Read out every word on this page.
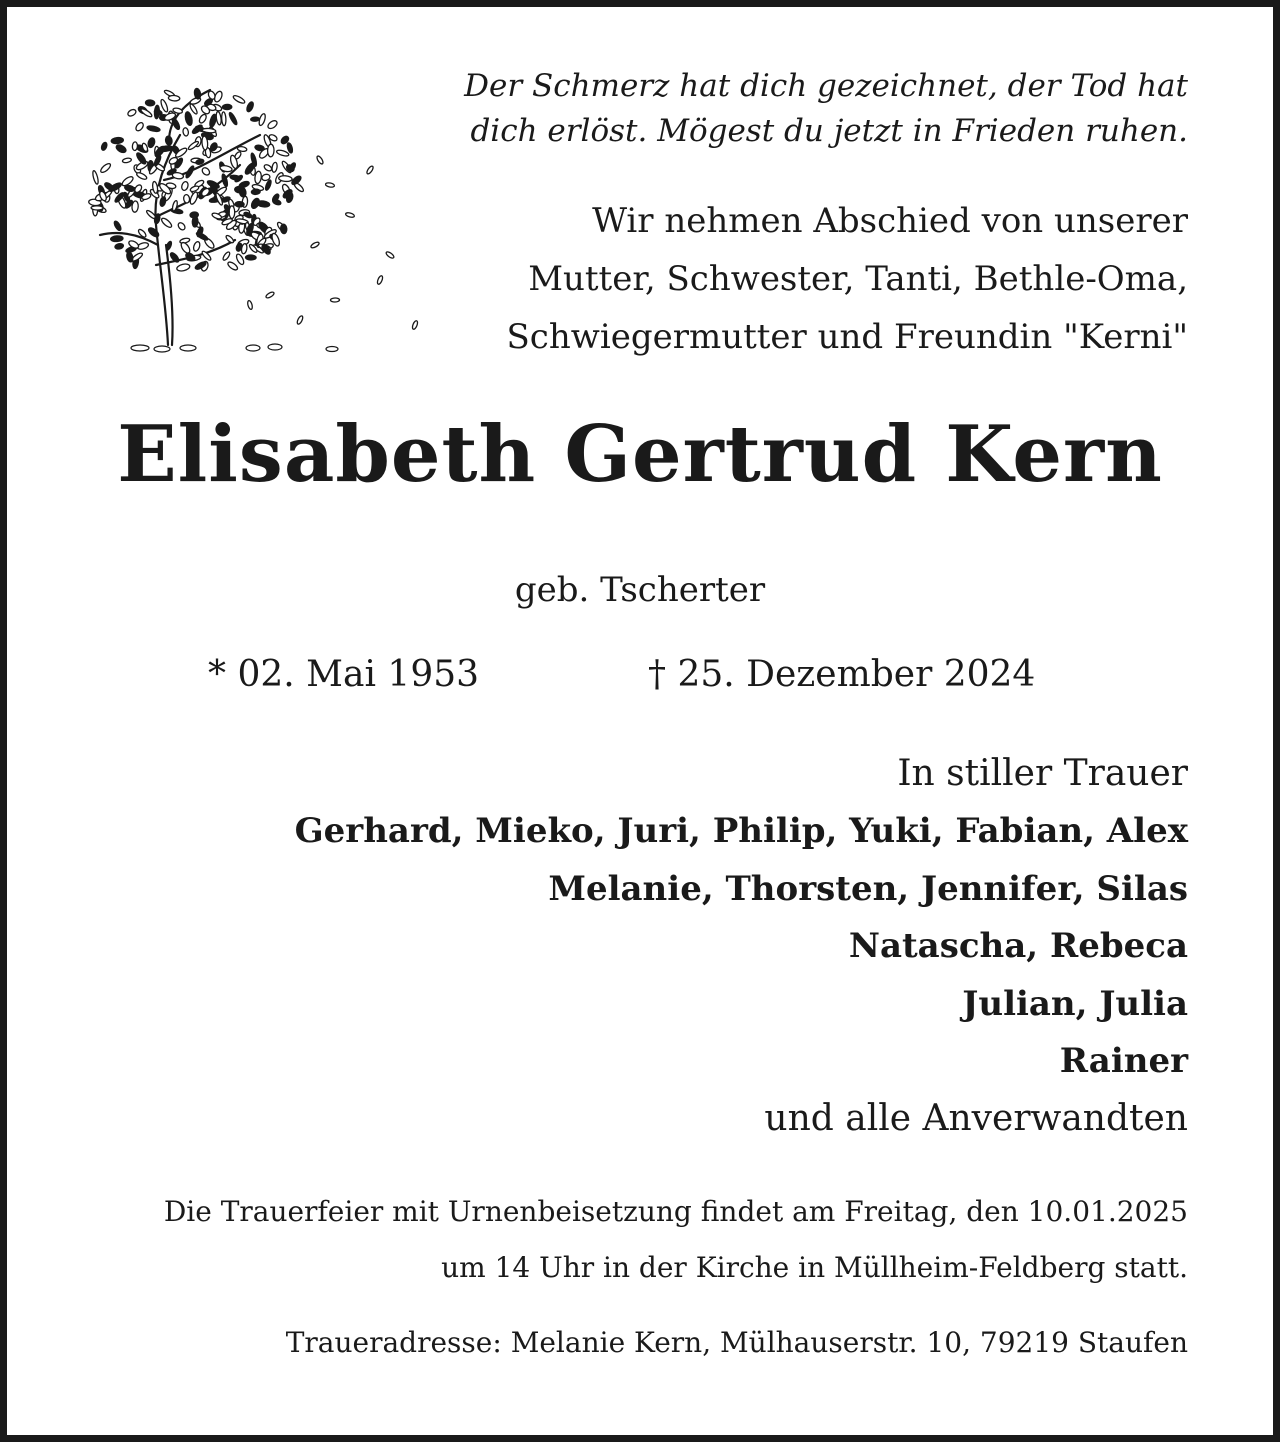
Der Schmerz hat dich gezeichnet, der Tod hat
dich erlöst. Mögest du jetzt in Frieden ruhen.
Wir nehmen Abschied von unserer
Mutter, Schwester, Tanti, Bethle-Oma,
Schwiegermutter und Freundin "Kerni"
Elisabeth Gertrud Kern
geb. Tscherter
* 02. Mai 1953	† 25. Dezember 2024
In stiller Trauer
Gerhard, Mieko, Juri, Philip, Yuki, Fabian, Alex
Melanie, Thorsten, Jennifer, Silas
Natascha, Rebeca
Julian, Julia
Rainer
und alle Anverwandten
Die Trauerfeier mit Urnenbeisetzung findet am Freitag, den 10.01.2025
um 14 Uhr in der Kirche in Müllheim-Feldberg statt.
Traueradresse: Melanie Kern, Mülhauserstr. 10, 79219 Staufen
